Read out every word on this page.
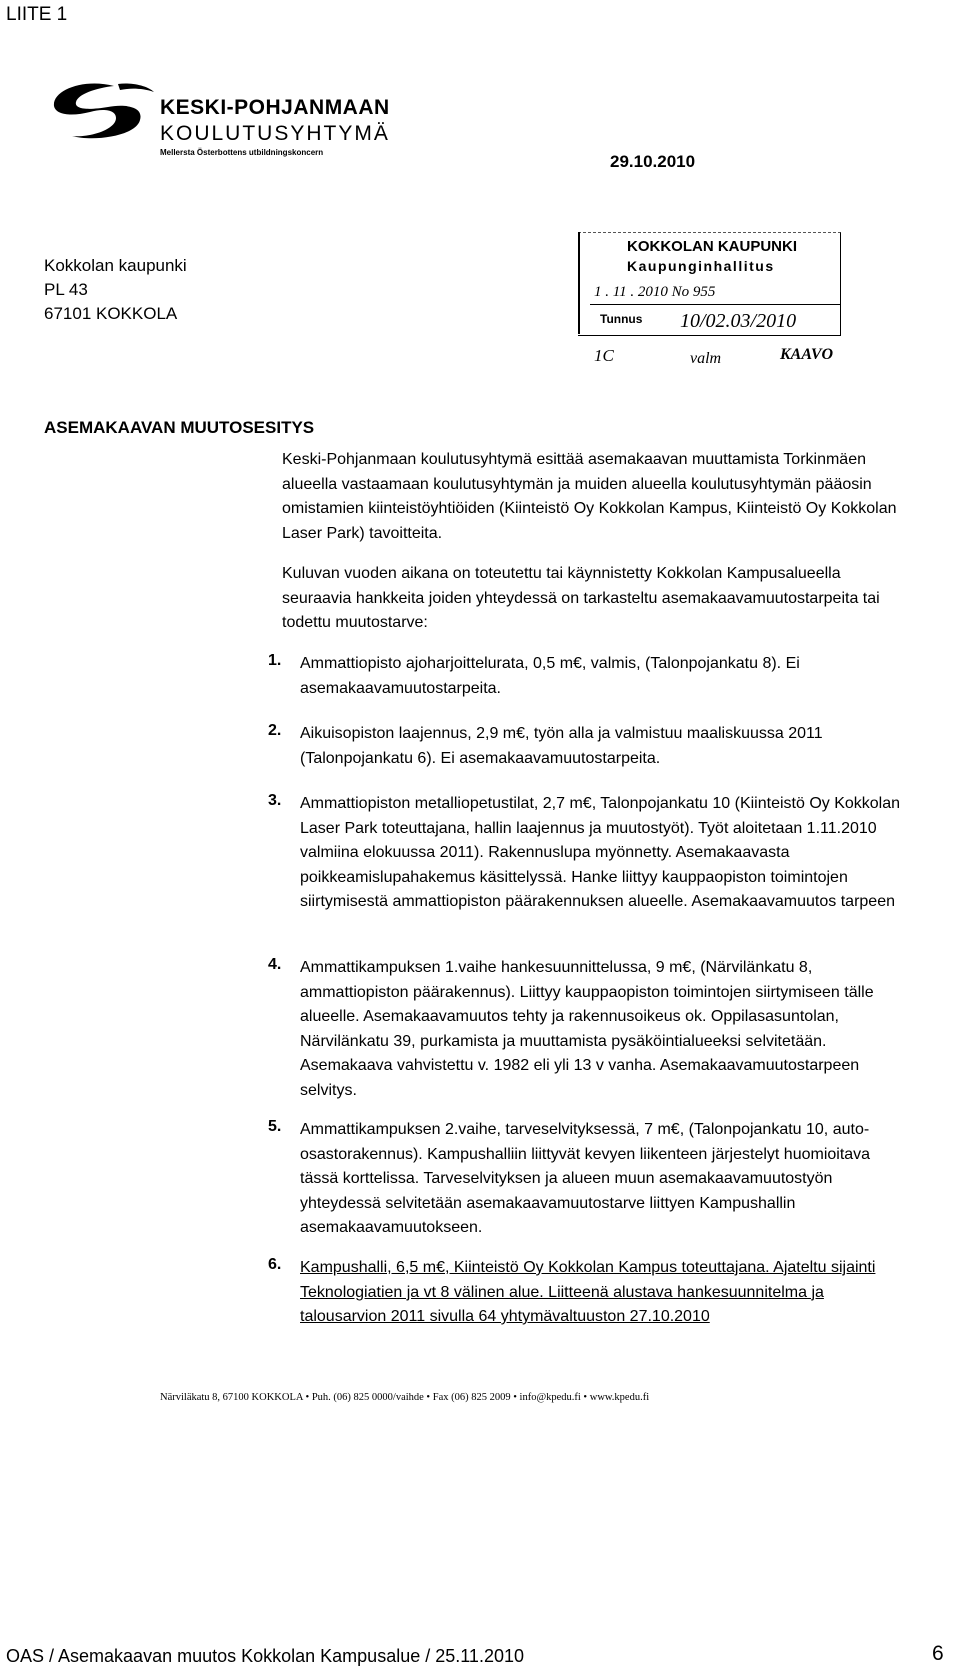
LIITE 1
KESKI-POHJANMAAN
KOULUTUSYHTYMÄ
Mellersta Österbottens utbildningskoncern	29.10.2010
Kokkolan kaupunki
PL 43
67101 KOKKOLA
KOKKOLAN KAUPUNKI
Kaupunginhallitus
1 . 11 . 2010 No 955
Tunnus 10/02.03/2010
1C	valm	KAAVO
ASEMAKAAVAN MUUTOSESITYS
Keski-Pohjanmaan koulutusyhtymä esittää asemakaavan muuttamista Torkinmäen alueella vastaamaan koulutusyhtymän ja muiden alueella koulutusyhtymän pääosin omistamien kiinteistöyhtiöiden (Kiinteistö Oy Kokkolan Kampus, Kiinteistö Oy Kokkolan Laser Park) tavoitteita.
Kuluvan vuoden aikana on toteutettu tai käynnistetty Kokkolan Kampusalueella seuraavia hankkeita joiden yhteydessä on tarkasteltu asemakaavamuutostarpeita tai todettu muutostarve:
1. Ammattiopisto ajoharjoittelurata, 0,5 m€, valmis, (Talonpojankatu 8). Ei asemakaavamuutostarpeita.
2. Aikuisopiston laajennus, 2,9 m€, työn alla ja valmistuu maaliskuussa 2011 (Talonpojankatu 6). Ei asemakaavamuutostarpeita.
3. Ammattiopiston metalliopetustilat, 2,7 m€, Talonpojankatu 10 (Kiinteistö Oy Kokkolan Laser Park toteuttajana, hallin laajennus ja muutostyöt). Työt aloitetaan 1.11.2010 valmiina elokuussa 2011). Rakennuslupa myönnetty. Asemakaavasta poikkeamislupahakemus käsittelyssä. Hanke liittyy kauppaopiston toimintojen siirtymisestä ammattiopiston päärakennuksen alueelle. Asemakaavamuutos tarpeen
4. Ammattikampuksen 1.vaihe hankesuunnittelussa, 9 m€, (Närvilänkatu 8, ammattiopiston päärakennus). Liittyy kauppaopiston toimintojen siirtymiseen tälle alueelle. Asemakaavamuutos tehty ja rakennusoikeus ok. Oppilasasuntolan, Närvilänkatu 39, purkamista ja muuttamista pysäköintialueeksi selvitetään. Asemakaava vahvistettu v. 1982 eli yli 13 v vanha. Asemakaavamuutostarpeen selvitys.
5. Ammattikampuksen 2.vaihe, tarveselvityksessä, 7 m€, (Talonpojankatu 10, auto-osastorakennus). Kampushalliin liittyvät kevyen liikenteen järjestelyt huomioitava tässä korttelissa. Tarveselvityksen ja alueen muun asemakaavamuutostyön yhteydessä selvitetään asemakaavamuutostarve liittyen Kampushallin asemakaavamuutokseen.
6. Kampushalli, 6,5 m€, Kiinteistö Oy Kokkolan Kampus toteuttajana. Ajateltu sijainti Teknologiatien ja vt 8 välinen alue. Liitteenä alustava hankesuunnitelma ja talousarvion 2011 sivulla 64 yhtymävaltuuston 27.10.2010
Närviläkatu 8, 67100 KOKKOLA • Puh. (06) 825 0000/vaihde • Fax (06) 825 2009 • info@kpedu.fi • www.kpedu.fi
OAS / Asemakaavan muutos Kokkolan Kampusalue / 25.11.2010	6
